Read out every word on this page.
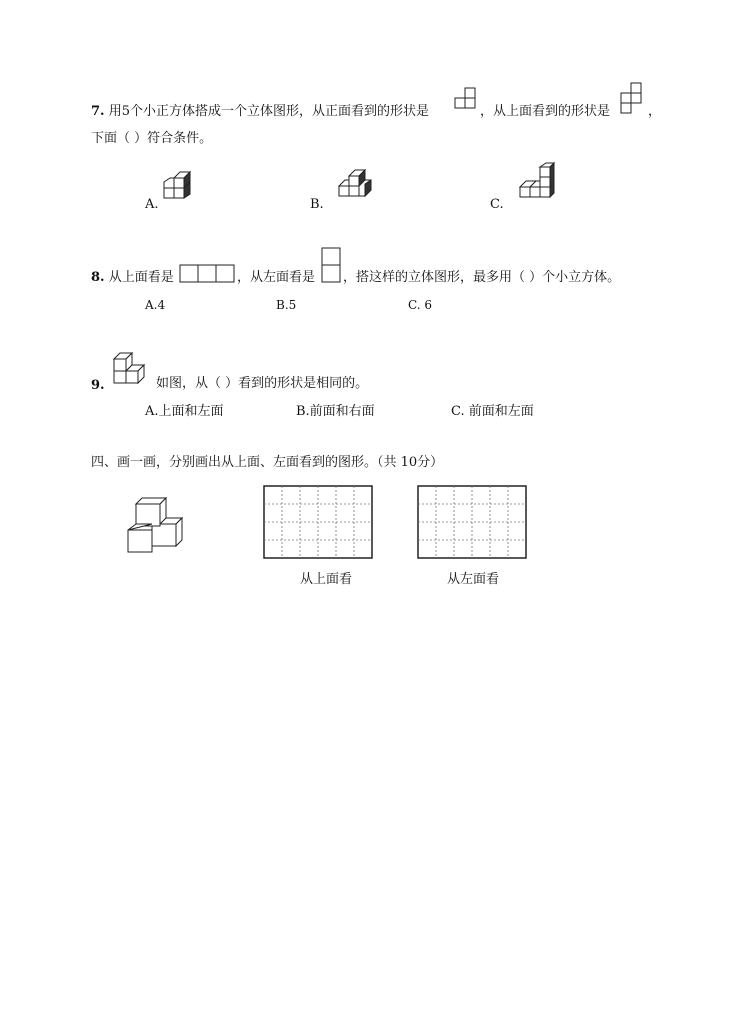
7. 用5个小正方体搭成一个立体图形，从正面看到的形状是	，从上面看到的形状是	，
下面（ ）符合条件。
A.	B.	C.
8. 从上面看是	，从左面看是 ，搭这样的立体图形，最多用（ ）个小立方体。
A.4	B.5	C. 6
9.	如图，从（ ）看到的形状是相同的。
A.上面和左面	B.前面和右面	C. 前面和左面
四、画一画，分别画出从上面、左面看到的图形。（共 10分）
从上面看	从左面看
